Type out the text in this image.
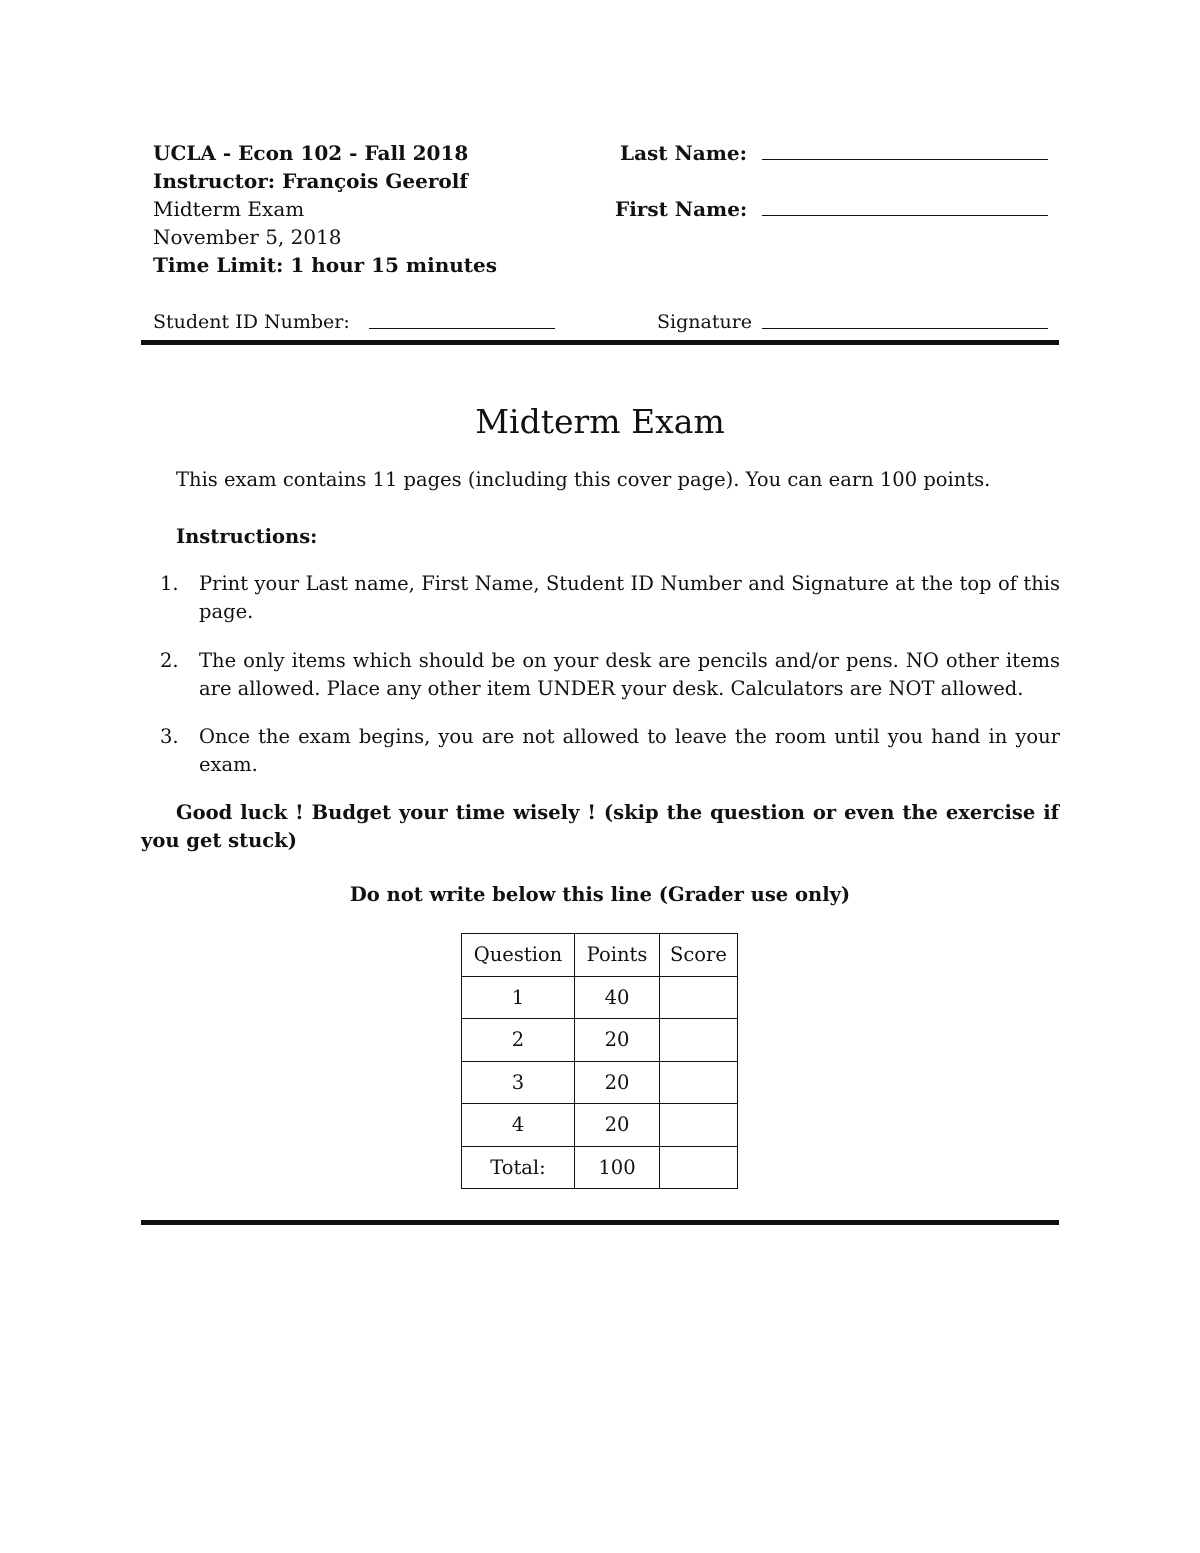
UCLA - Econ 102 - Fall 2018
Instructor: François Geerolf
Midterm Exam
November 5, 2018
Time Limit: 1 hour 15 minutes
Last Name:
First Name:
Student ID Number:	Signature
Midterm Exam
This exam contains 11 pages (including this cover page). You can earn 100 points.
Instructions:
1. Print your Last name, First Name, Student ID Number and Signature at the top of this page.
2. The only items which should be on your desk are pencils and/or pens. NO other items are allowed. Place any other item UNDER your desk. Calculators are NOT allowed.
3. Once the exam begins, you are not allowed to leave the room until you hand in your exam.
Good luck ! Budget your time wisely ! (skip the question or even the exercise if you get stuck)
Do not write below this line (Grader use only)
Question	Points	Score
1	40	
2	20	
3	20	
4	20	
Total:	100	
